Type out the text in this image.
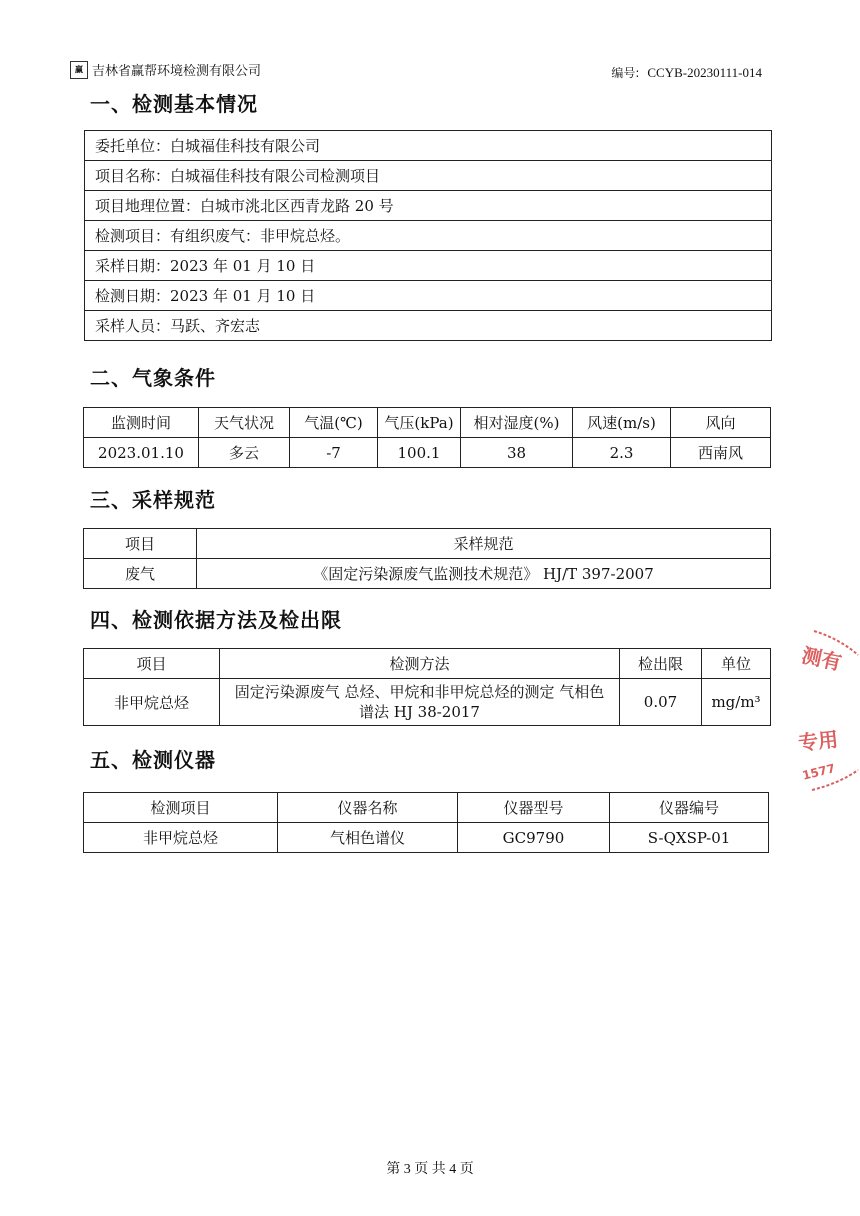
赢 吉林省赢帮环境检测有限公司	编号: CCYB-20230111-014
一、检测基本情况
委托单位：白城福佳科技有限公司
项目名称：白城福佳科技有限公司检测项目
项目地理位置：白城市洮北区西青龙路 20 号
检测项目：有组织废气：非甲烷总烃。
采样日期：2023 年 01 月 10 日
检测日期：2023 年 01 月 10 日
采样人员：马跃、齐宏志
二、气象条件
监测时间	天气状况	气温(℃)	气压(kPa)	相对湿度(%)	风速(m/s)	风向
2023.01.10	多云	-7	100.1	38	2.3	西南风
三、采样规范
项目	采样规范
废气	《固定污染源废气监测技术规范》 HJ/T 397-2007
四、检测依据方法及检出限
项目	检测方法	检出限	单位
非甲烷总烃	固定污染源废气 总烃、甲烷和非甲烷总烃的测定 气相色谱法 HJ 38-2017	0.07	mg/m³
五、检测仪器
检测项目	仪器名称	仪器型号	仪器编号
非甲烷总烃	气相色谱仪	GC9790	S-QXSP-01
测有
专用
1577
第 3 页 共 4 页
